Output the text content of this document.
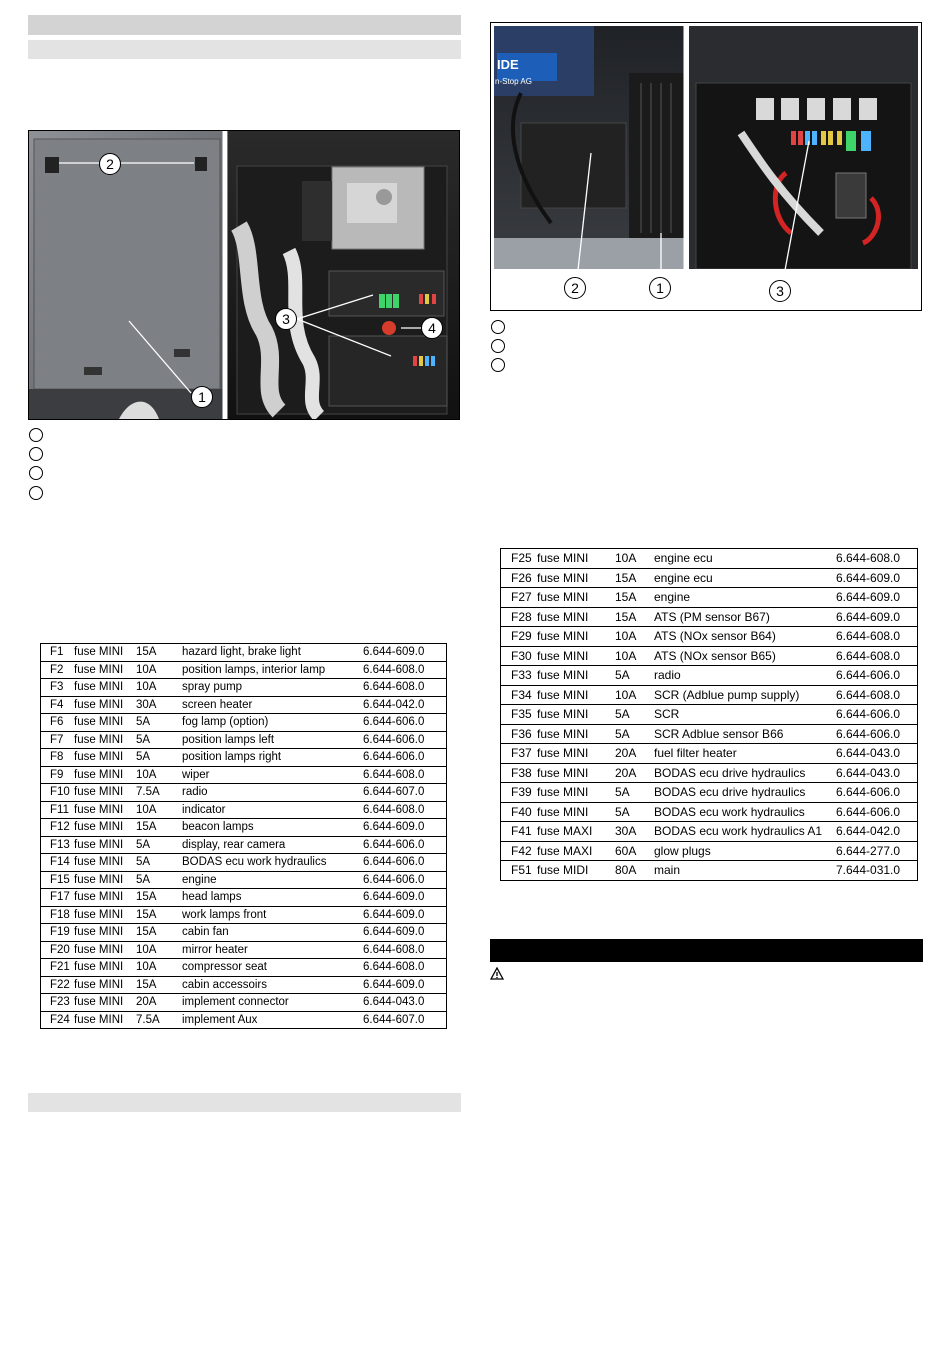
2
1
3
4
F1 fuse MINI 15A hazard light, brake light	6.644-609.0
F2 fuse MINI 10A position lamps, interior lamp	6.644-608.0
F3 fuse MINI 10A spray pump	6.644-608.0
F4 fuse MINI 30A screen heater	6.644-042.0
F6 fuse MINI 5A	fog lamp (option)	6.644-606.0
F7 fuse MINI 5A	position lamps left	6.644-606.0
F8 fuse MINI 5A	position lamps right	6.644-606.0
F9 fuse MINI 10A wiper	6.644-608.0
F10 fuse MINI 7.5A radio	6.644-607.0
F11 fuse MINI 10A indicator	6.644-608.0
F12 fuse MINI 15A beacon lamps	6.644-609.0
F13 fuse MINI 5A	display, rear camera	6.644-606.0
F14 fuse MINI 5A	BODAS ecu work hydraulics	6.644-606.0
F15 fuse MINI 5A	engine	6.644-606.0
F17 fuse MINI 15A head lamps	6.644-609.0
F18 fuse MINI 15A work lamps front	6.644-609.0
F19 fuse MINI 15A cabin fan	6.644-609.0
F20 fuse MINI 10A mirror heater	6.644-608.0
F21 fuse MINI 10A compressor seat	6.644-608.0
F22 fuse MINI 15A cabin accessoirs	6.644-609.0
F23 fuse MINI 20A implement connector	6.644-043.0
F24 fuse MINI 7.5A implement Aux	6.644-607.0
IDE
n-Stop AG
2	1	3
F25 fuse MINI 10A engine ecu	6.644-608.0
F26 fuse MINI 15A engine ecu	6.644-609.0
F27 fuse MINI 15A engine	6.644-609.0
F28 fuse MINI 15A ATS (PM sensor B67)	6.644-609.0
F29 fuse MINI 10A ATS (NOx sensor B64)	6.644-608.0
F30 fuse MINI 10A ATS (NOx sensor B65)	6.644-608.0
F33 fuse MINI 5A radio	6.644-606.0
F34 fuse MINI 10A SCR (Adblue pump supply)	6.644-608.0
F35 fuse MINI 5A SCR	6.644-606.0
F36 fuse MINI 5A SCR Adblue sensor B66	6.644-606.0
F37 fuse MINI 20A fuel filter heater	6.644-043.0
F38 fuse MINI 20A BODAS ecu drive hydraulics	6.644-043.0
F39 fuse MINI 5A BODAS ecu drive hydraulics	6.644-606.0
F40 fuse MINI 5A BODAS ecu work hydraulics	6.644-606.0
F41 fuse MAXI 30A BODAS ecu work hydraulics A1 6.644-042.0
F42 fuse MAXI 60A glow plugs	6.644-277.0
F51 fuse MIDI 80A main	7.644-031.0
